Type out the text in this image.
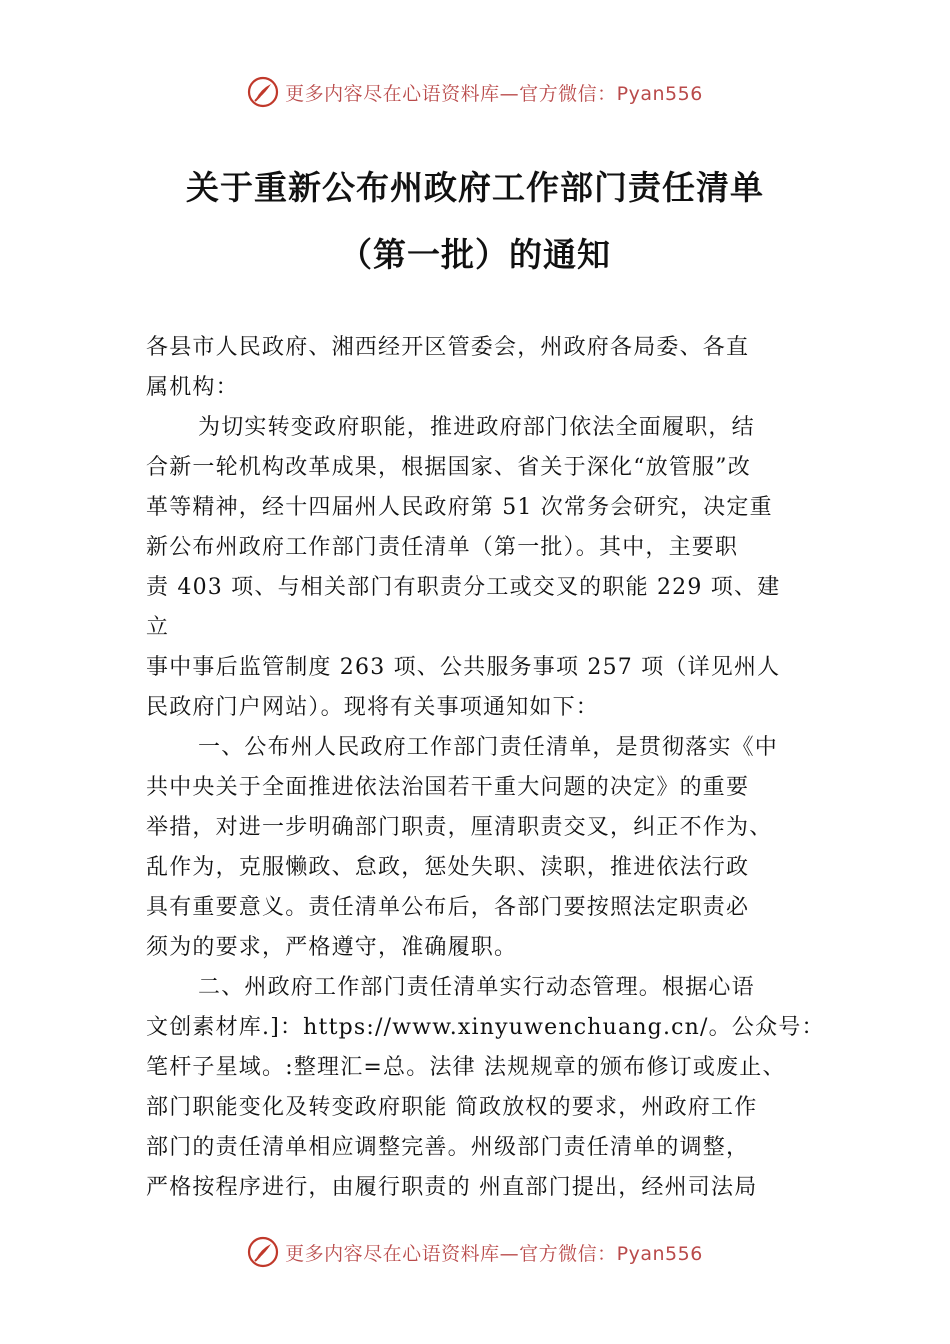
更多内容尽在心语资料库—官方微信：Pyan556
关于重新公布州政府工作部门责任清单
（第一批）的通知
各县市人民政府、湘西经开区管委会，州政府各局委、各直
属机构：
为切实转变政府职能，推进政府部门依法全面履职，结
合新一轮机构改革成果，根据国家、省关于深化“放管服”改
革等精神，经十四届州人民政府第 51 次常务会研究，决定重
新公布州政府工作部门责任清单（第一批）。其中，主要职
责 403 项、与相关部门有职责分工或交叉的职能 229 项、建
立
事中事后监管制度 263 项、公共服务事项 257 项（详见州人
民政府门户网站）。现将有关事项通知如下：
一、公布州人民政府工作部门责任清单，是贯彻落实《中
共中央关于全面推进依法治国若干重大问题的决定》的重要
举措，对进一步明确部门职责，厘清职责交叉，纠正不作为、
乱作为，克服懒政、怠政，惩处失职、渎职，推进依法行政
具有重要意义。责任清单公布后，各部门要按照法定职责必
须为的要求，严格遵守，准确履职。
二、州政府工作部门责任清单实行动态管理。根据心语
文创素材库.]：https://www.xinyuwenchuang.cn/。公众号：
笔杆子星域。:整理汇=总。法律 法规规章的颁布修订或废止、
部门职能变化及转变政府职能 简政放权的要求，州政府工作
部门的责任清单相应调整完善。州级部门责任清单的调整，
严格按程序进行，由履行职责的 州直部门提出，经州司法局
更多内容尽在心语资料库—官方微信：Pyan556
